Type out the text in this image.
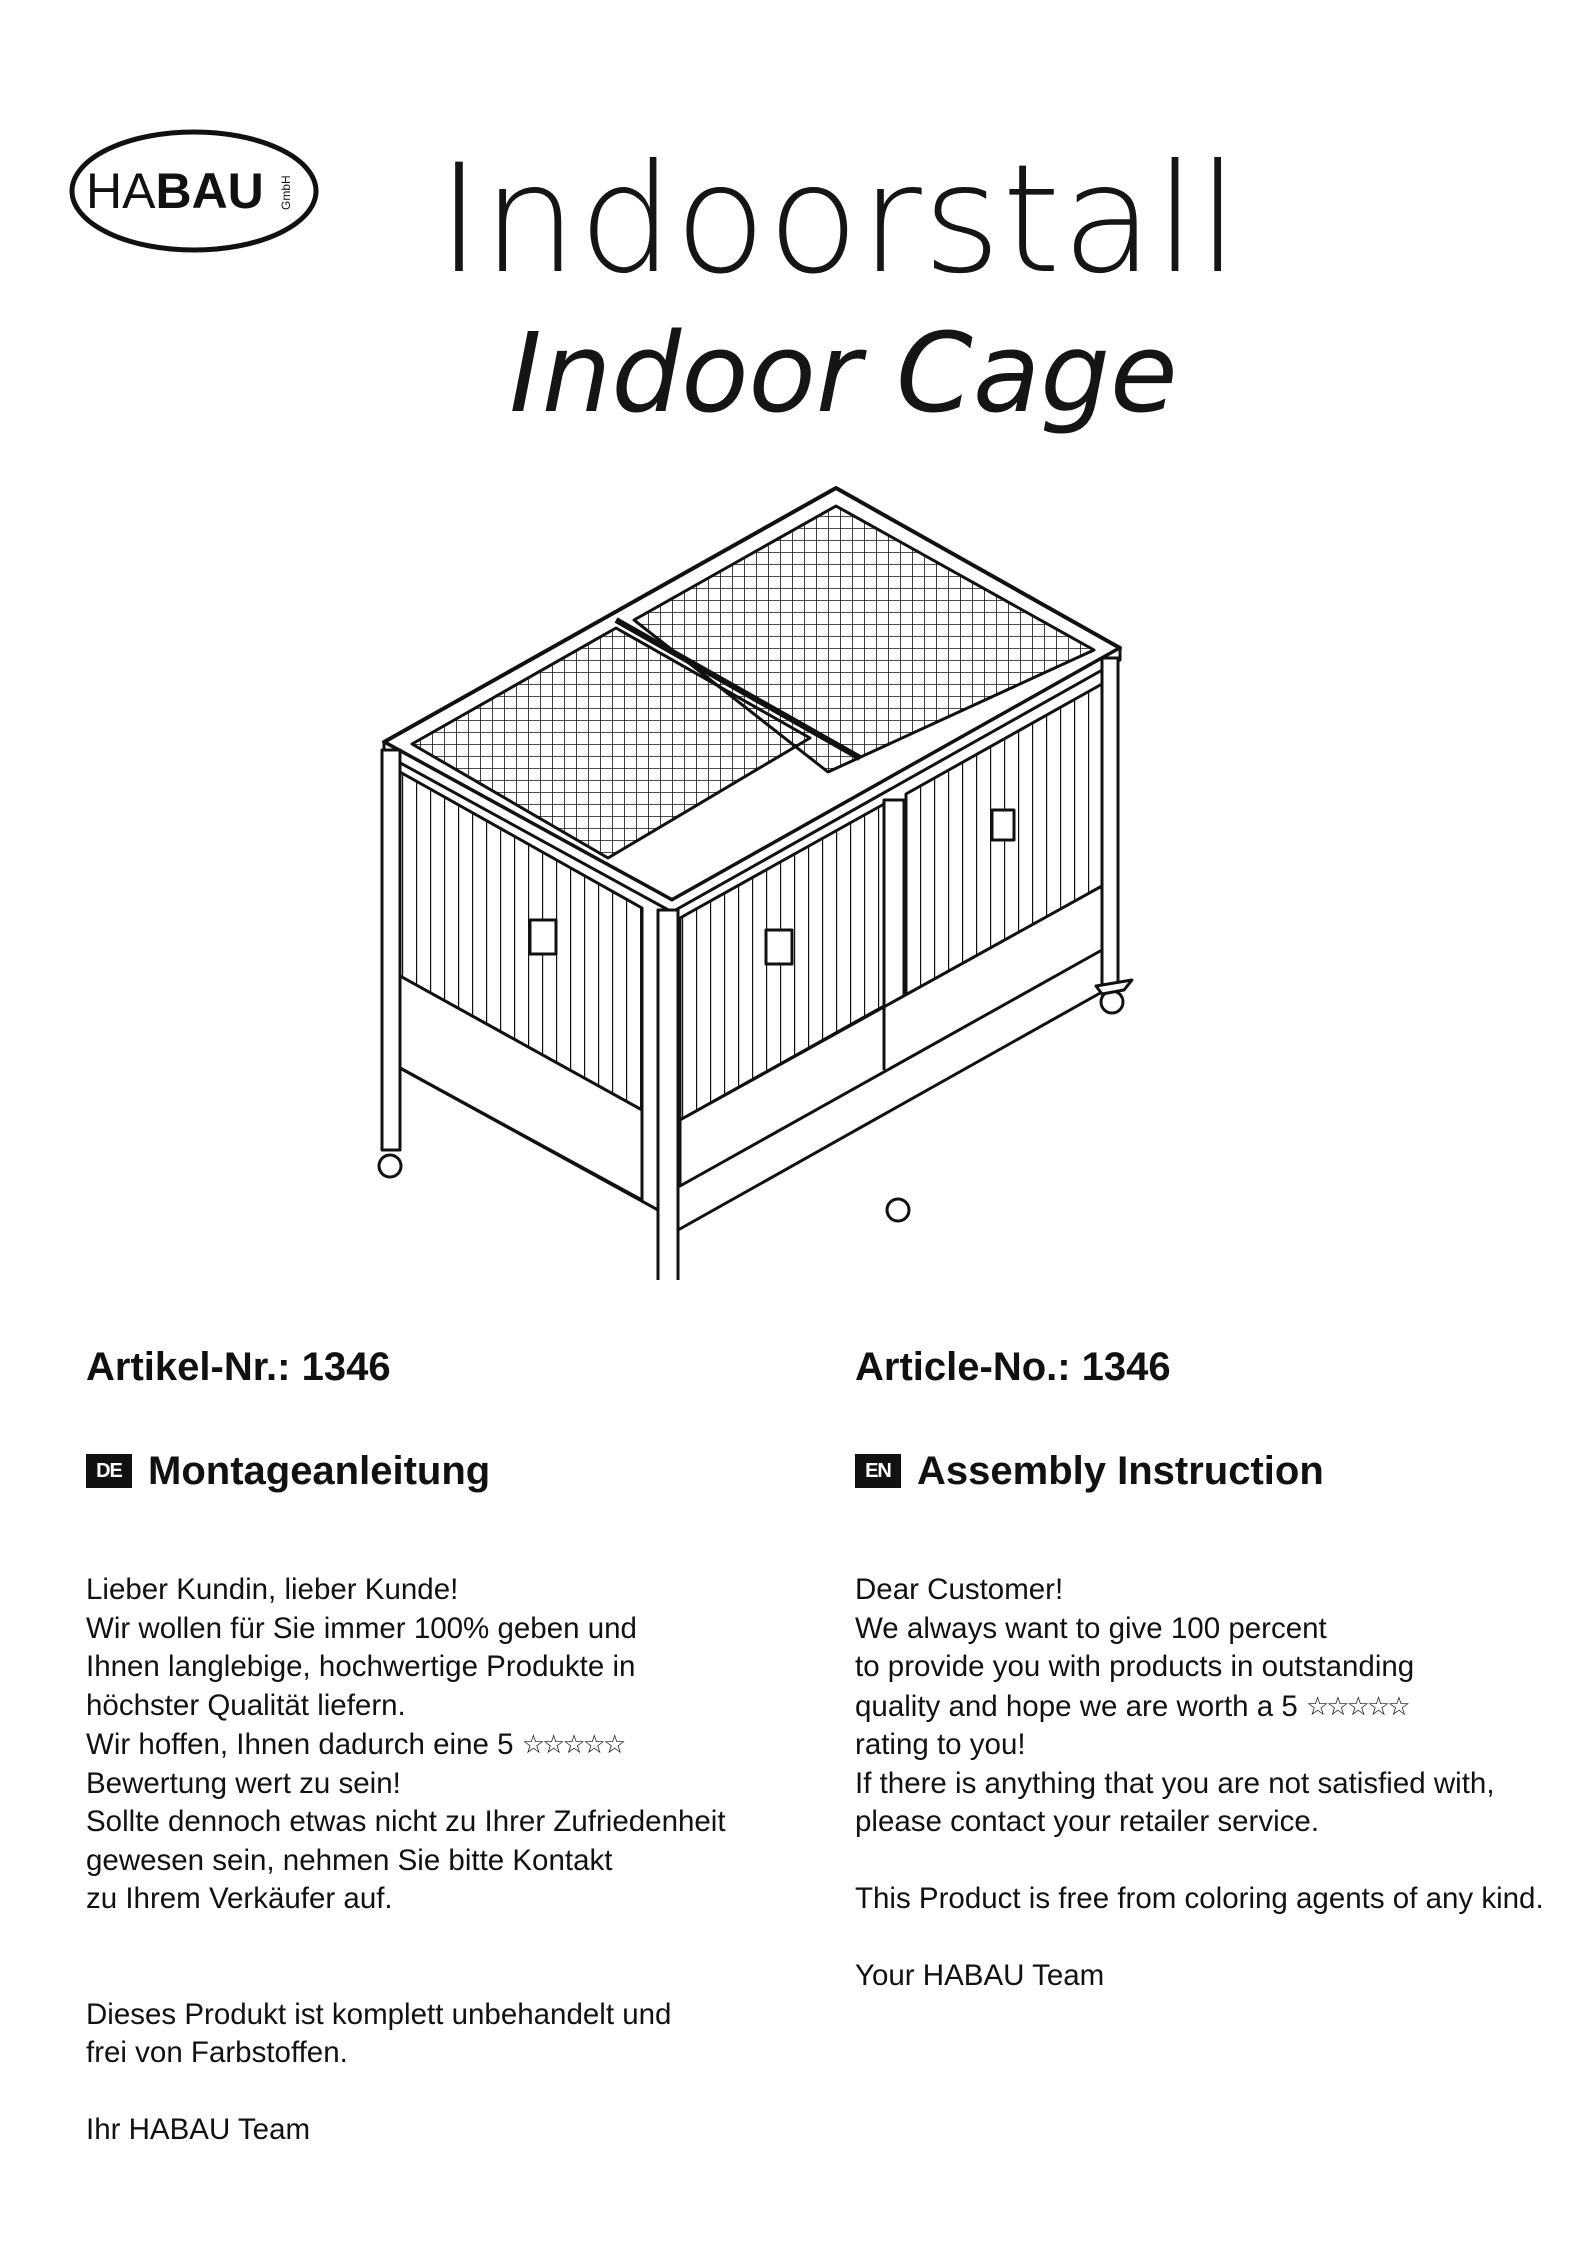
HABAU GmbH Indoorstall
Indoor Cage
Artikel-Nr.: 1346
DE Montageanleitung
Lieber Kundin, lieber Kunde!
Wir wollen für Sie immer 100% geben und
Ihnen langlebige, hochwertige Produkte in
höchster Qualität liefern.
Wir hoffen, Ihnen dadurch eine 5 ☆☆☆☆☆
Bewertung wert zu sein!
Sollte dennoch etwas nicht zu Ihrer Zufriedenheit
gewesen sein, nehmen Sie bitte Kontakt
zu Ihrem Verkäufer auf.
Dieses Produkt ist komplett unbehandelt und
frei von Farbstoffen.
Ihr HABAU Team
Article-No.: 1346
EN Assembly Instruction
Dear Customer!
We always want to give 100 percent
to provide you with products in outstanding
quality and hope we are worth a 5 ☆☆☆☆☆
rating to you!
If there is anything that you are not satisfied with,
please contact your retailer service.
This Product is free from coloring agents of any kind.
Your HABAU Team
